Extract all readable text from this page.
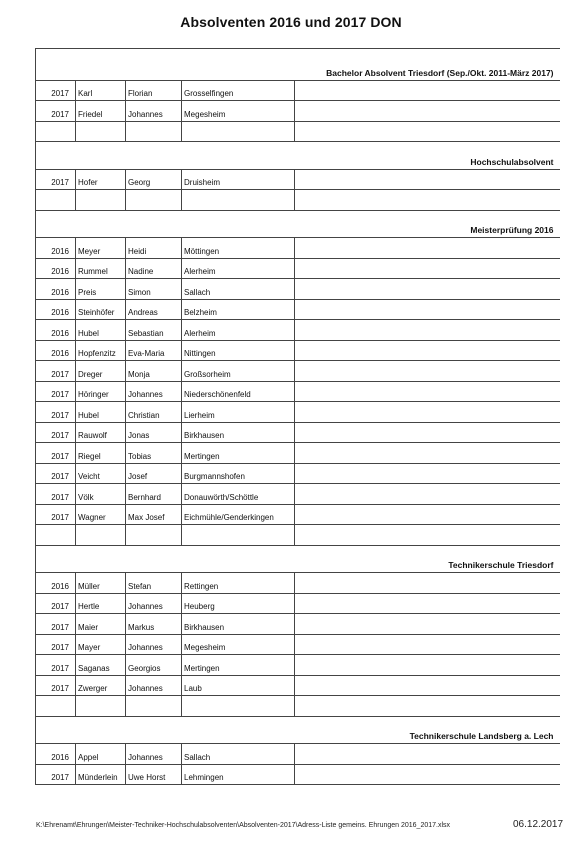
Absolventen 2016 und 2017 DON

Bachelor Absolvent Triesdorf (Sep./Okt. 2011-März 2017)				
2017	Karl	Florian	Grosselfingen	
2017	Friedel	Johannes	Megesheim	

Hochschulabsolvent				
2017	Hofer	Georg	Druisheim	

Meisterprüfung 2016				
2016	Meyer	Heidi	Möttingen	
2016	Rummel	Nadine	Alerheim	
2016	Preis	Simon	Sallach	
2016	Steinhöfer	Andreas	Belzheim	
2016	Hubel	Sebastian	Alerheim	
2016	Hopfenzitz	Eva-Maria	Nittingen	
2017	Dreger	Monja	Großsorheim	
2017	Höringer	Johannes	Niederschönenfeld	
2017	Hubel	Christian	Lierheim	
2017	Rauwolf	Jonas	Birkhausen	
2017	Riegel	Tobias	Mertingen	
2017	Veicht	Josef	Burgmannshofen	
2017	Völk	Bernhard	Donauwörth/Schöttle	
2017	Wagner	Max Josef	Eichmühle/Genderkingen	

Technikerschule Triesdorf				
2016	Müller	Stefan	Rettingen	
2017	Hertle	Johannes	Heuberg	
2017	Maier	Markus	Birkhausen	
2017	Mayer	Johannes	Megesheim	
2017	Saganas	Georgios	Mertingen	
2017	Zwerger	Johannes	Laub	

Technikerschule Landsberg a. Lech				
2016	Appel	Johannes	Sallach	
2017	Münderlein	Uwe Horst	Lehmingen	
K:\Ehrenamt\Ehrungen\Meister-Techniker-Hochschulabsolventen\Absolventen-2017\Adress-Liste gemeins. Ehrungen 2016_2017.xlsx	06.12.2017
